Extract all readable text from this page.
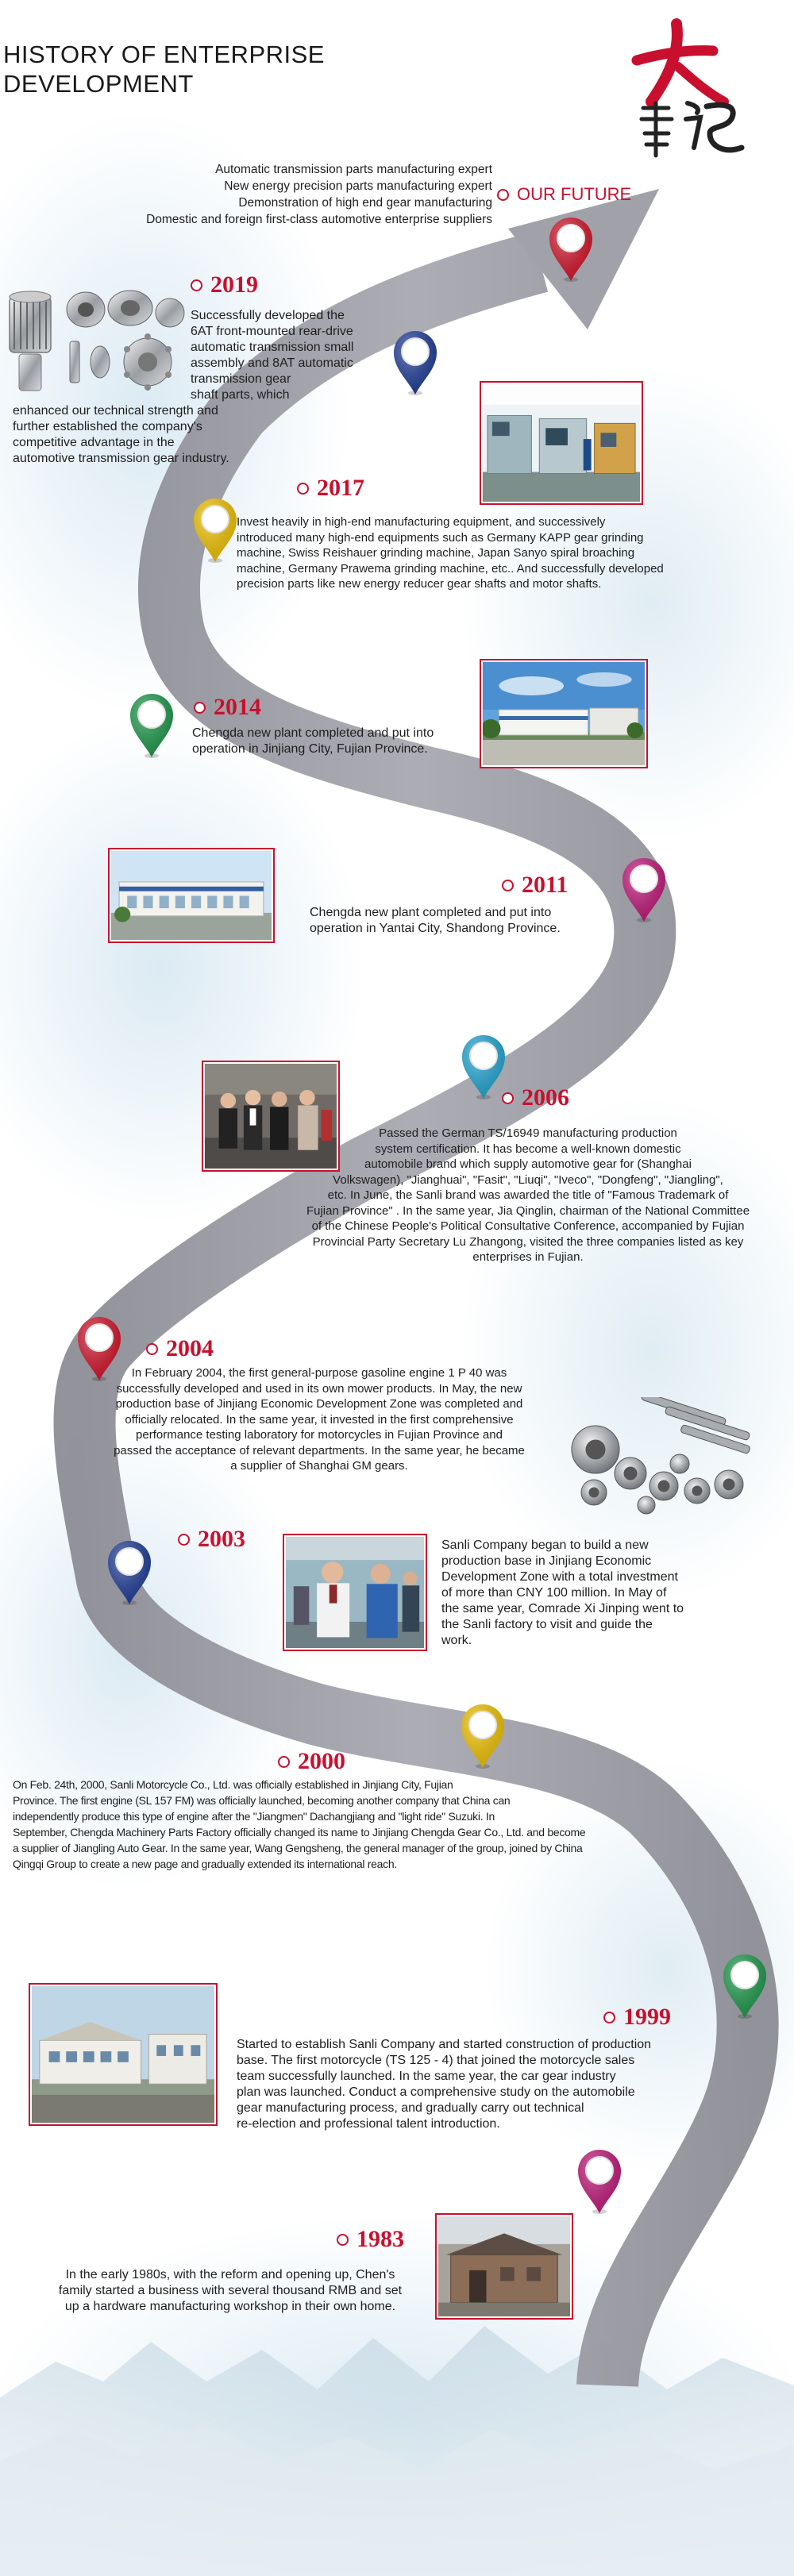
HISTORY OF ENTERPRISE
DEVELOPMENT
Automatic transmission parts manufacturing expert
New energy precision parts manufacturing expert
Demonstration of high end gear manufacturing
Domestic and foreign first-class automotive enterprise suppliers
OUR FUTURE
2019
Successfully developed the
6AT front-mounted rear-drive
automatic transmission small
assembly and 8AT automatic
transmission gear
shaft parts, which
enhanced our technical strength and
further established the company's
competitive advantage in the
automotive transmission gear industry.
2017
Invest heavily in high-end manufacturing equipment, and successively
introduced many high-end equipments such as Germany KAPP gear grinding
machine, Swiss Reishauer grinding machine, Japan Sanyo spiral broaching
machine, Germany Prawema grinding machine, etc.. And successfully developed
precision parts like new energy reducer gear shafts and motor shafts.
2014
Chengda new plant completed and put into
operation in Jinjiang City, Fujian Province.
2011
Chengda new plant completed and put into
operation in Yantai City, Shandong Province.
2006
Passed the German TS/16949 manufacturing production
system certification. It has become a well-known domestic
automobile brand which supply automotive gear for (Shanghai
Volkswagen), "Jianghuai", "Fasit", "Liuqi", "Iveco", "Dongfeng", "Jiangling",
etc. In June, the Sanli brand was awarded the title of "Famous Trademark of
Fujian Province" . In the same year, Jia Qinglin, chairman of the National Committee
of the Chinese People's Political Consultative Conference, accompanied by Fujian
Provincial Party Secretary Lu Zhangong, visited the three companies listed as key
enterprises in Fujian.
2004
In February 2004, the first general-purpose gasoline engine 1 P 40 was
successfully developed and used in its own mower products. In May, the new
production base of Jinjiang Economic Development Zone was completed and
officially relocated. In the same year, it invested in the first comprehensive
performance testing laboratory for motorcycles in Fujian Province and
passed the acceptance of relevant departments. In the same year, he became
a supplier of Shanghai GM gears.
2003	Sanli Company began to build a new
production base in Jinjiang Economic
Development Zone with a total investment
of more than CNY 100 million. In May of
the same year, Comrade Xi Jinping went to
the Sanli factory to visit and guide the
work.
2000
On Feb. 24th, 2000, Sanli Motorcycle Co., Ltd. was officially established in Jinjiang City, Fujian
Province. The first engine (SL 157 FM) was officially launched, becoming another company that China can
independently produce this type of engine after the "Jiangmen" Dachangjiang and "light ride" Suzuki. In
September, Chengda Machinery Parts Factory officially changed its name to Jinjiang Chengda Gear Co., Ltd. and become
a supplier of Jiangling Auto Gear. In the same year, Wang Gengsheng, the general manager of the group, joined by China
Qingqi Group to create a new page and gradually extended its international reach.
1999
Started to establish Sanli Company and started construction of production
base. The first motorcycle (TS 125 - 4) that joined the motorcycle sales
team successfully launched. In the same year, the car gear industry
plan was launched. Conduct a comprehensive study on the automobile
gear manufacturing process, and gradually carry out technical
re-election and professional talent introduction.
1983
In the early 1980s, with the reform and opening up, Chen's
family started a business with several thousand RMB and set
up a hardware manufacturing workshop in their own home.
